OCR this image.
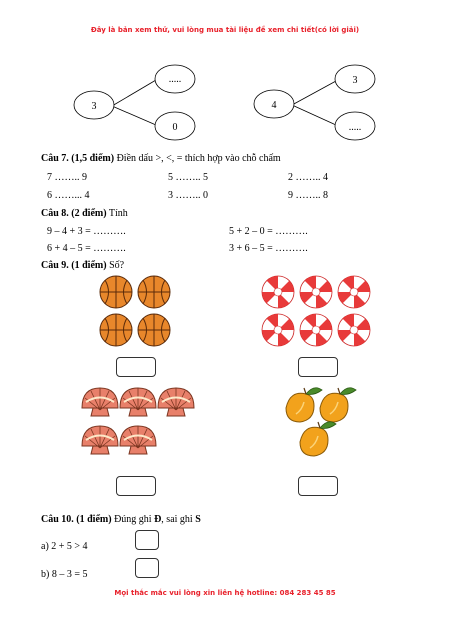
Đây là bản xem thử, vui lòng mua tài liệu đề xem chi tiết(có lời giải)
3
.....
0
4
3
.....
Câu 7. (1,5 điểm) Điền dấu >, <, = thích hợp vào chỗ chấm
7 …….. 9	5 …….. 5	2 …….. 4
6 ……... 4	3 …….. 0	9 …….. 8
Câu 8. (2 điểm) Tính
9 – 4 + 3 = ……….	5 + 2 – 0 = ……….
6 + 4 – 5 = ……….	3 + 6 – 5 = ……….
Câu 9. (1 điểm) Số?
Câu 10. (1 điểm) Đúng ghi Đ, sai ghi S
a) 2 + 5 > 4
b) 8 – 3 = 5
Mọi thắc mắc vui lòng xin liên hệ hotline: 084 283 45 85
